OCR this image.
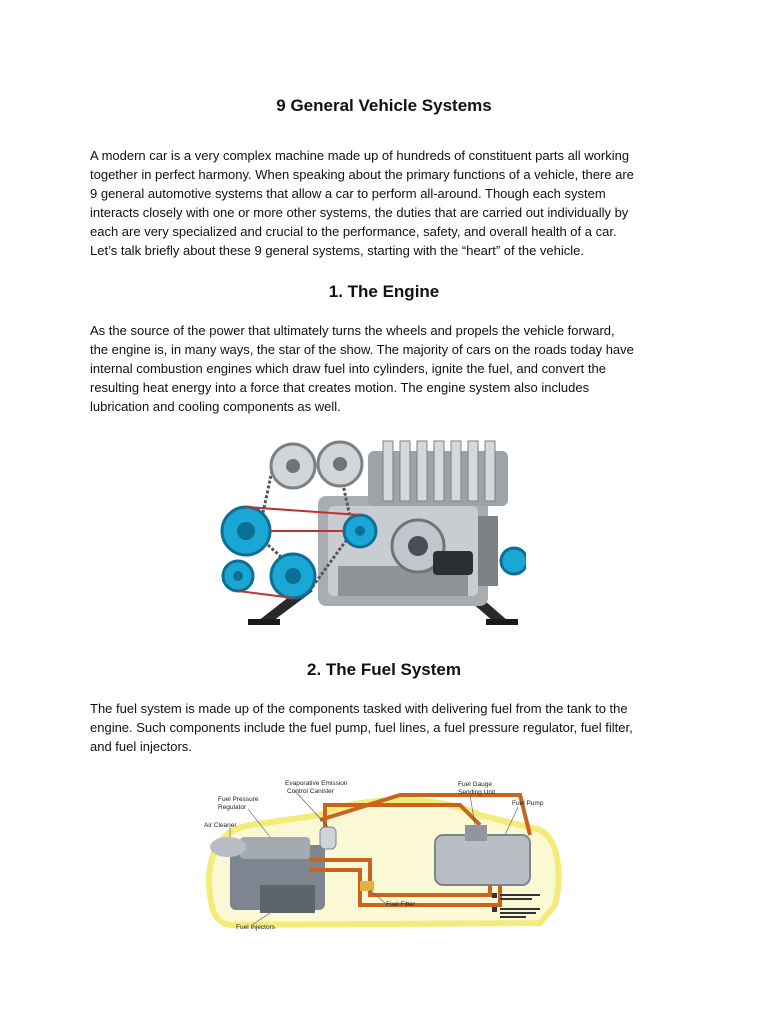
9 General Vehicle Systems

A modern car is a very complex machine made up of hundreds of constituent parts all working
together in perfect harmony. When speaking about the primary functions of a vehicle, there are
9 general automotive systems that allow a car to perform all-around. Though each system
interacts closely with one or more other systems, the duties that are carried out individually by
each are very specialized and crucial to the performance, safety, and overall health of a car.
Let’s talk briefly about these 9 general systems, starting with the “heart” of the vehicle.

1. The Engine

As the source of the power that ultimately turns the wheels and propels the vehicle forward,
the engine is, in many ways, the star of the show. The majority of cars on the roads today have
internal combustion engines which draw fuel into cylinders, ignite the fuel, and convert the
resulting heat energy into a force that creates motion. The engine system also includes
lubrication and cooling components as well.

2. The Fuel System

The fuel system is made up of the components tasked with delivering fuel from the tank to the
engine. Such components include the fuel pump, fuel lines, a fuel pressure regulator, fuel filter,
and fuel injectors.

Evaporative Emission
Control Canister
Fuel Pressure
Regulator
Air Cleaner
Fuel Gauge
Sending Unit
Fuel Pump
Fuel Filter
Fuel Injectors
